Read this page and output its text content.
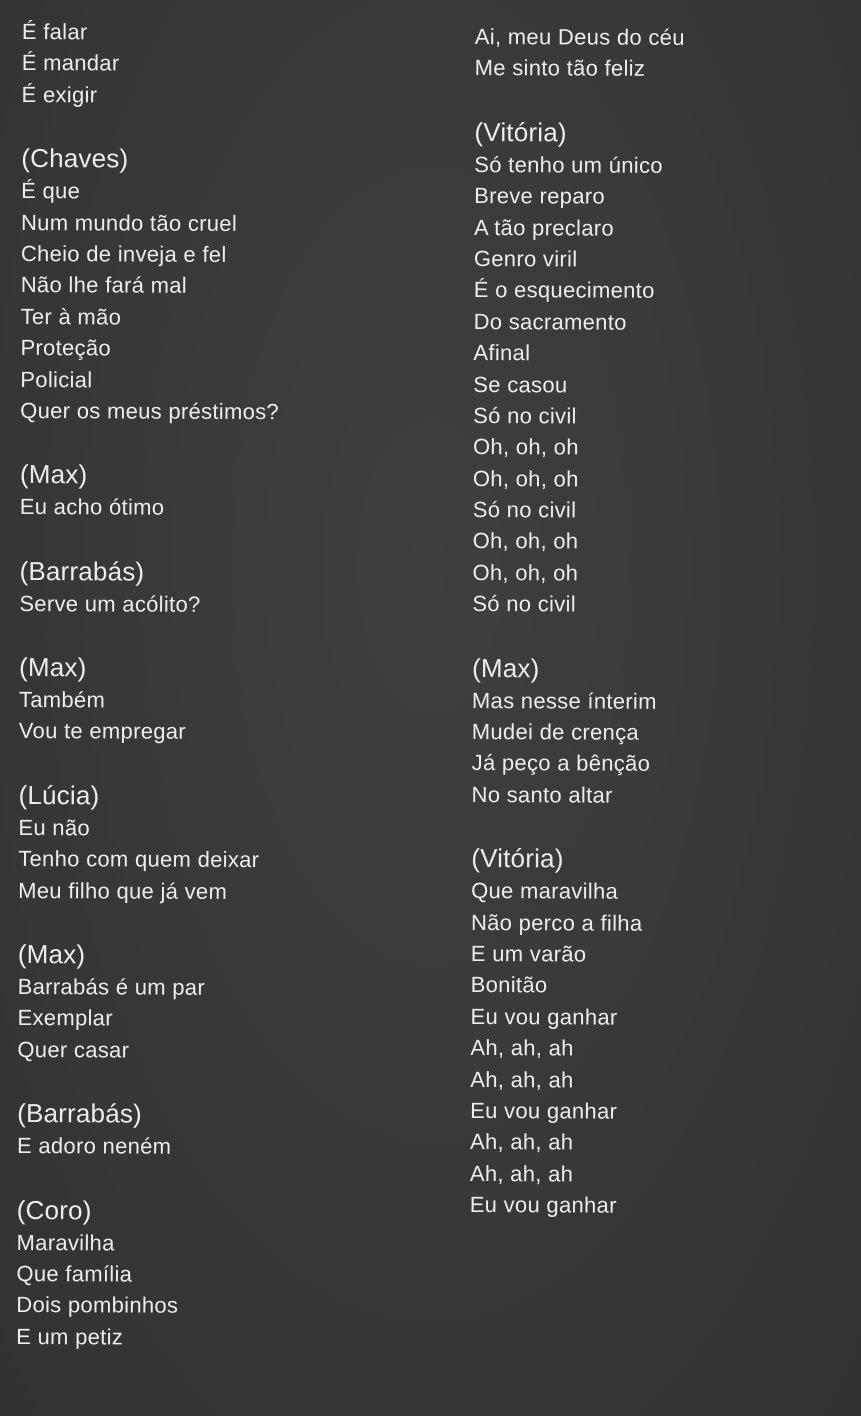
É falar
É mandar
É exigir
(Chaves)
É que
Num mundo tão cruel
Cheio de inveja e fel
Não lhe fará mal
Ter à mão
Proteção
Policial
Quer os meus préstimos?
(Max)
Eu acho ótimo
(Barrabás)
Serve um acólito?
(Max)
Também
Vou te empregar
(Lúcia)
Eu não
Tenho com quem deixar
Meu filho que já vem
(Max)
Barrabás é um par
Exemplar
Quer casar
(Barrabás)
E adoro neném
(Coro)
Maravilha
Que família
Dois pombinhos
E um petiz
Ai, meu Deus do céu
Me sinto tão feliz
(Vitória)
Só tenho um único
Breve reparo
A tão preclaro
Genro viril
É o esquecimento
Do sacramento
Afinal
Se casou
Só no civil
Oh, oh, oh
Oh, oh, oh
Só no civil
Oh, oh, oh
Oh, oh, oh
Só no civil
(Max)
Mas nesse ínterim
Mudei de crença
Já peço a bênção
No santo altar
(Vitória)
Que maravilha
Não perco a filha
E um varão
Bonitão
Eu vou ganhar
Ah, ah, ah
Ah, ah, ah
Eu vou ganhar
Ah, ah, ah
Ah, ah, ah
Eu vou ganhar
